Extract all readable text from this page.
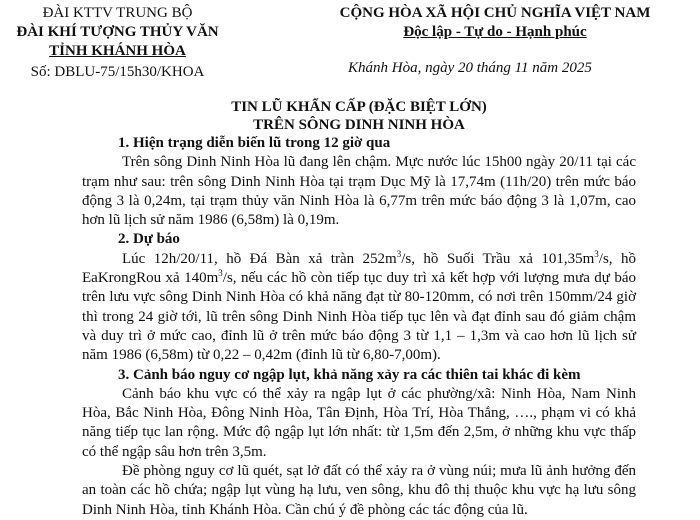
ĐÀI KTTV TRUNG BỘ
ĐÀI KHÍ TƯỢNG THỦY VĂN
TỈNH KHÁNH HÒA
Số: DBLU-75/15h30/KHOA
CỘNG HÒA XÃ HỘI CHỦ NGHĨA VIỆT NAM
Độc lập - Tự do - Hạnh phúc
Khánh Hòa, ngày 20 tháng 11 năm 2025
TIN LŨ KHẨN CẤP (ĐẶC BIỆT LỚN)
TRÊN SÔNG DINH NINH HÒA
1. Hiện trạng diễn biến lũ trong 12 giờ qua

Trên sông Dinh Ninh Hòa lũ đang lên chậm. Mực nước lúc 15h00 ngày 20/11 tại các trạm như sau: trên sông Dinh Ninh Hòa tại trạm Dục Mỹ là 17,74m (11h/20) trên mức báo động 3 là 0,24m, tại trạm thủy văn Ninh Hòa là 6,77m trên mức báo động 3 là 1,07m, cao hơn lũ lịch sử năm 1986 (6,58m) là 0,19m.

2. Dự báo

Lúc 12h/20/11, hồ Đá Bàn xả tràn $252m^3/s$, hồ Suối Trầu xả $101,35m^3/s$, hồ EaKrongRou xả $140m^3/s$, nếu các hồ còn tiếp tục duy trì xả kết hợp với lượng mưa dự báo trên lưu vực sông Dinh Ninh Hòa có khả năng đạt từ 80-120mm, có nơi trên 150mm/24 giờ thì trong 24 giờ tới, lũ trên sông Dinh Ninh Hòa tiếp tục lên và đạt đỉnh sau đó giảm chậm và duy trì ở mức cao, đỉnh lũ ở trên mức báo động 3 từ 1,1 – 1,3m và cao hơn lũ lịch sử năm 1986 (6,58m) từ 0,22 – 0,42m (đỉnh lũ từ 6,80-7,00m).

3. Cảnh báo nguy cơ ngập lụt, khả năng xảy ra các thiên tai khác đi kèm

Cảnh báo khu vực có thể xảy ra ngập lụt ở các phường/xã: Ninh Hòa, Nam Ninh Hòa, Bắc Ninh Hòa, Đông Ninh Hòa, Tân Định, Hòa Trí, Hòa Thắng, …., phạm vi có khả năng tiếp tục lan rộng. Mức độ ngập lụt lớn nhất: từ 1,5m đến 2,5m, ở những khu vực thấp có thể ngập sâu hơn trên 3,5m.

Đề phòng nguy cơ lũ quét, sạt lở đất có thể xảy ra ở vùng núi; mưa lũ ảnh hưởng đến an toàn các hồ chứa; ngập lụt vùng hạ lưu, ven sông, khu đô thị thuộc khu vực hạ lưu sông Dinh Ninh Hòa, tỉnh Khánh Hòa. Cần chú ý đề phòng các tác động của lũ.
